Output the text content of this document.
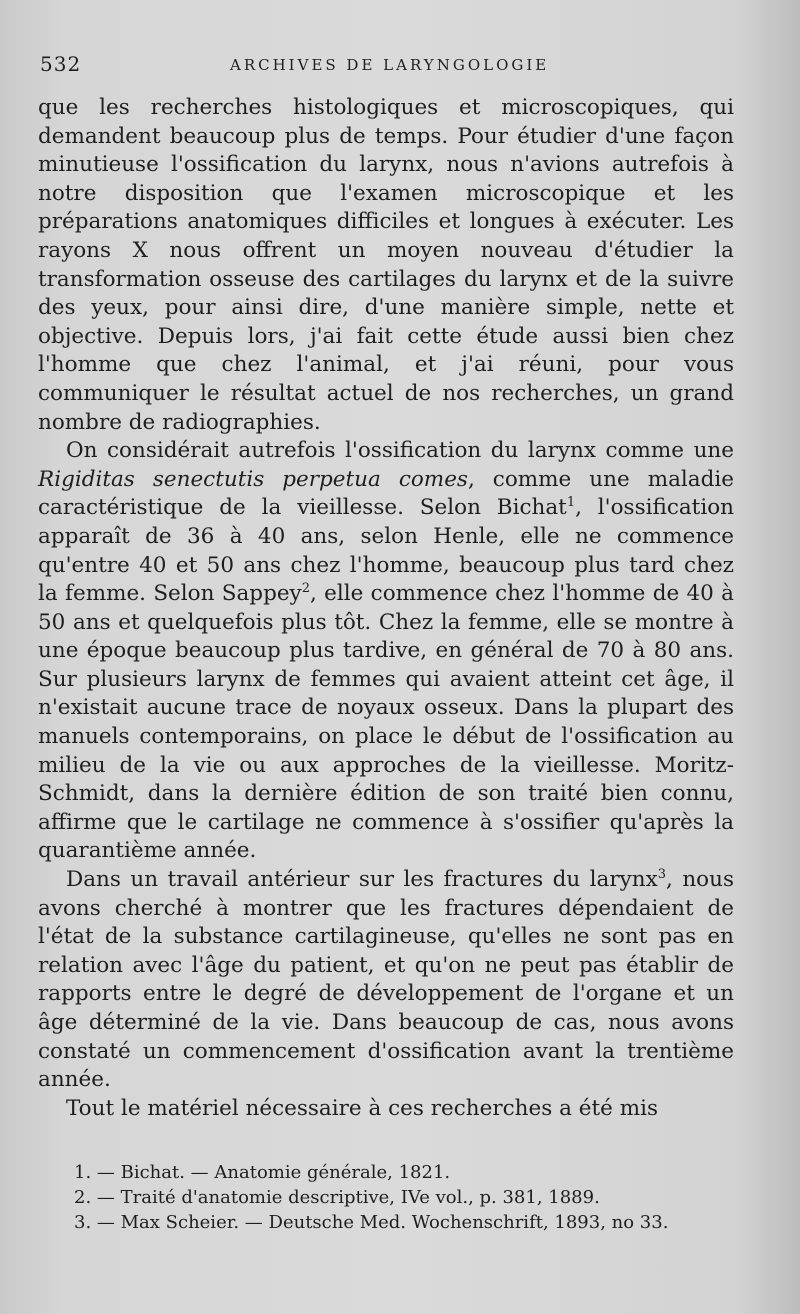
532	ARCHIVES DE LARYNGOLOGIE

que les recherches histologiques et microscopiques, qui demandent beaucoup plus de temps. Pour étudier d'une façon minutieuse l'ossification du larynx, nous n'avions autrefois à notre disposition que l'examen microscopique et les préparations anatomiques difficiles et longues à exécuter. Les rayons X nous offrent un moyen nouveau d'étudier la transformation osseuse des cartilages du larynx et de la suivre des yeux, pour ainsi dire, d'une manière simple, nette et objective. Depuis lors, j'ai fait cette étude aussi bien chez l'homme que chez l'animal, et j'ai réuni, pour vous communiquer le résultat actuel de nos recherches, un grand nombre de radiographies.

On considérait autrefois l'ossification du larynx comme une Rigiditas senectutis perpetua comes, comme une maladie caractéristique de la vieillesse. Selon Bichat$^1$, l'ossification apparaît de 36 à 40 ans, selon Henle, elle ne commence qu'entre 40 et 50 ans chez l'homme, beaucoup plus tard chez la femme. Selon Sappey$^2$, elle commence chez l'homme de 40 à 50 ans et quelquefois plus tôt. Chez la femme, elle se montre à une époque beaucoup plus tardive, en général de 70 à 80 ans. Sur plusieurs larynx de femmes qui avaient atteint cet âge, il n'existait aucune trace de noyaux osseux. Dans la plupart des manuels contemporains, on place le début de l'ossification au milieu de la vie ou aux approches de la vieillesse. Moritz-Schmidt, dans la dernière édition de son traité bien connu, affirme que le cartilage ne commence à s'ossifier qu'après la quarantième année.

Dans un travail antérieur sur les fractures du larynx$^3$, nous avons cherché à montrer que les fractures dépendaient de l'état de la substance cartilagineuse, qu'elles ne sont pas en relation avec l'âge du patient, et qu'on ne peut pas établir de rapports entre le degré de développement de l'organe et un âge déterminé de la vie. Dans beaucoup de cas, nous avons constaté un commencement d'ossification avant la trentième année.

Tout le matériel nécessaire à ces recherches a été mis

1. — Bichat. — Anatomie générale, 1821.

2. — Traité d'anatomie descriptive, IVe vol., p. 381, 1889.

3. — Max Scheier. — Deutsche Med. Wochenschrift, 1893, no 33.
